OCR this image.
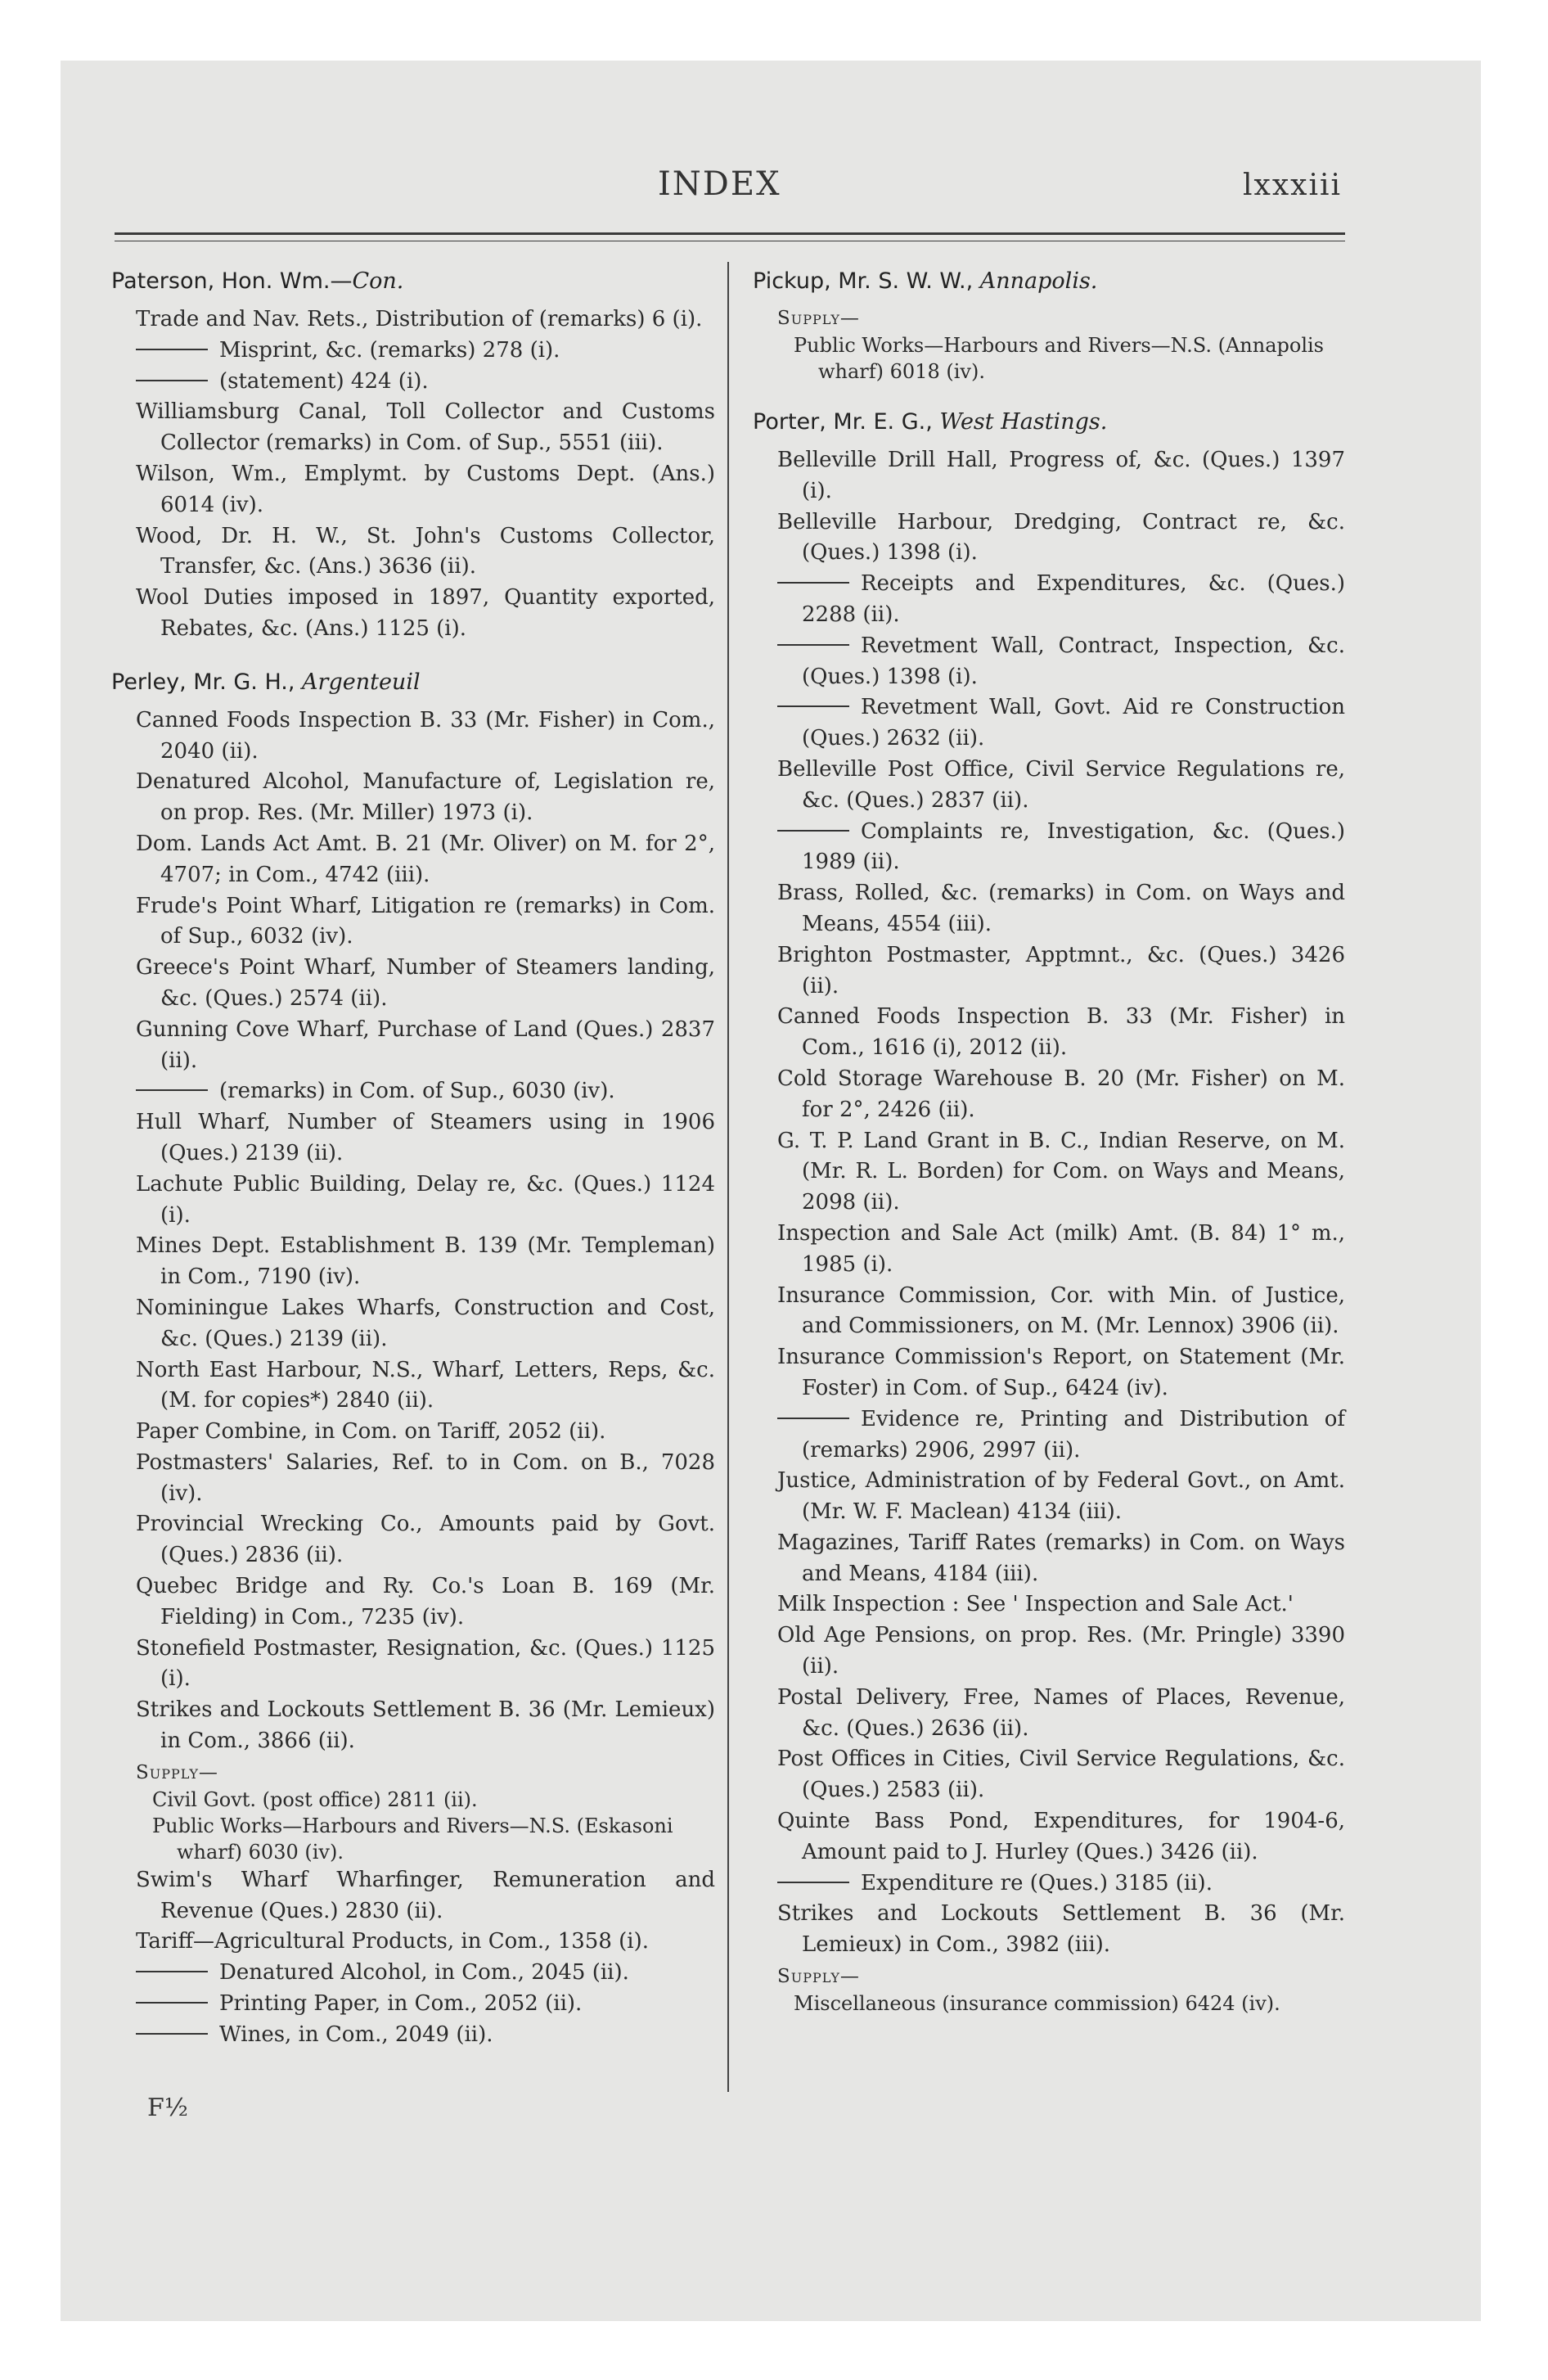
INDEX	lxxxiii
Paterson, Hon. Wm.—Con.

Trade and Nav. Rets., Distribution of (remarks) 6 (i).

Misprint, &c. (remarks) 278 (i).

(statement) 424 (i).

Williamsburg Canal, Toll Collector and Customs Collector (remarks) in Com. of Sup., 5551 (iii).

Wilson, Wm., Emplymt. by Customs Dept. (Ans.) 6014 (iv).

Wood, Dr. H. W., St. John's Customs Collector, Transfer, &c. (Ans.) 3636 (ii).

Wool Duties imposed in 1897, Quantity exported, Rebates, &c. (Ans.) 1125 (i).

Perley, Mr. G. H., Argenteuil

Canned Foods Inspection B. 33 (Mr. Fisher) in Com., 2040 (ii).

Denatured Alcohol, Manufacture of, Legislation re, on prop. Res. (Mr. Miller) 1973 (i).

Dom. Lands Act Amt. B. 21 (Mr. Oliver) on M. for 2°, 4707; in Com., 4742 (iii).

Frude's Point Wharf, Litigation re (remarks) in Com. of Sup., 6032 (iv).

Greece's Point Wharf, Number of Steamers landing, &c. (Ques.) 2574 (ii).

Gunning Cove Wharf, Purchase of Land (Ques.) 2837 (ii).

(remarks) in Com. of Sup., 6030 (iv).

Hull Wharf, Number of Steamers using in 1906 (Ques.) 2139 (ii).

Lachute Public Building, Delay re, &c. (Ques.) 1124 (i).

Mines Dept. Establishment B. 139 (Mr. Templeman) in Com., 7190 (iv).

Nominingue Lakes Wharfs, Construction and Cost, &c. (Ques.) 2139 (ii).

North East Harbour, N.S., Wharf, Letters, Reps, &c. (M. for copies*) 2840 (ii).

Paper Combine, in Com. on Tariff, 2052 (ii).

Postmasters' Salaries, Ref. to in Com. on B., 7028 (iv).

Provincial Wrecking Co., Amounts paid by Govt. (Ques.) 2836 (ii).

Quebec Bridge and Ry. Co.'s Loan B. 169 (Mr. Fielding) in Com., 7235 (iv).

Stonefield Postmaster, Resignation, &c. (Ques.) 1125 (i).

Strikes and Lockouts Settlement B. 36 (Mr. Lemieux) in Com., 3866 (ii).

Supply—

Civil Govt. (post office) 2811 (ii).

Public Works—Harbours and Rivers—N.S. (Eskasoni wharf) 6030 (iv).

Swim's Wharf Wharfinger, Remuneration and Revenue (Ques.) 2830 (ii).

Tariff—Agricultural Products, in Com., 1358 (i).

Denatured Alcohol, in Com., 2045 (ii).

Printing Paper, in Com., 2052 (ii).

Wines, in Com., 2049 (ii).

F½
Pickup, Mr. S. W. W., Annapolis.
Supply—

Public Works—Harbours and Rivers—N.S. (Annapolis wharf) 6018 (iv).

Porter, Mr. E. G., West Hastings.

Belleville Drill Hall, Progress of, &c. (Ques.) 1397 (i).

Belleville Harbour, Dredging, Contract re, &c. (Ques.) 1398 (i).

Receipts and Expenditures, &c. (Ques.) 2288 (ii).

Revetment Wall, Contract, Inspection, &c. (Ques.) 1398 (i).

Revetment Wall, Govt. Aid re Construction (Ques.) 2632 (ii).

Belleville Post Office, Civil Service Regulations re, &c. (Ques.) 2837 (ii).

Complaints re, Investigation, &c. (Ques.) 1989 (ii).

Brass, Rolled, &c. (remarks) in Com. on Ways and Means, 4554 (iii).

Brighton Postmaster, Apptmnt., &c. (Ques.) 3426 (ii).

Canned Foods Inspection B. 33 (Mr. Fisher) in Com., 1616 (i), 2012 (ii).

Cold Storage Warehouse B. 20 (Mr. Fisher) on M. for 2°, 2426 (ii).

G. T. P. Land Grant in B. C., Indian Reserve, on M. (Mr. R. L. Borden) for Com. on Ways and Means, 2098 (ii).

Inspection and Sale Act (milk) Amt. (B. 84) 1° m., 1985 (i).

Insurance Commission, Cor. with Min. of Justice, and Commissioners, on M. (Mr. Lennox) 3906 (ii).

Insurance Commission's Report, on Statement (Mr. Foster) in Com. of Sup., 6424 (iv).

Evidence re, Printing and Distribution of (remarks) 2906, 2997 (ii).

Justice, Administration of by Federal Govt., on Amt. (Mr. W. F. Maclean) 4134 (iii).

Magazines, Tariff Rates (remarks) in Com. on Ways and Means, 4184 (iii).

Milk Inspection : See ' Inspection and Sale Act.'

Old Age Pensions, on prop. Res. (Mr. Pringle) 3390 (ii).

Postal Delivery, Free, Names of Places, Revenue, &c. (Ques.) 2636 (ii).

Post Offices in Cities, Civil Service Regulations, &c. (Ques.) 2583 (ii).

Quinte Bass Pond, Expenditures, for 1904-6, Amount paid to J. Hurley (Ques.) 3426 (ii).

Expenditure re (Ques.) 3185 (ii).

Strikes and Lockouts Settlement B. 36 (Mr. Lemieux) in Com., 3982 (iii).

Supply—

Miscellaneous (insurance commission) 6424 (iv).
